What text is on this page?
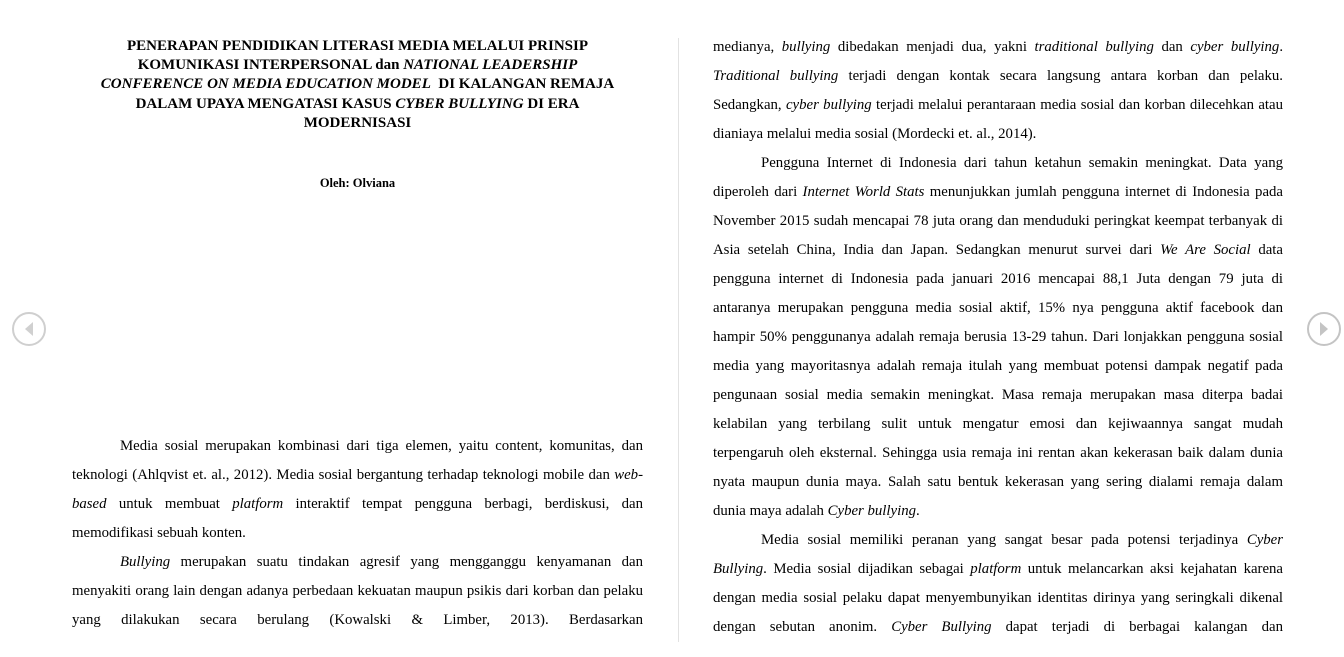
PENERAPAN PENDIDIKAN LITERASI MEDIA MELALUI PRINSIP
KOMUNIKASI INTERPERSONAL dan NATIONAL LEADERSHIP
CONFERENCE ON MEDIA EDUCATION MODEL  DI KALANGAN REMAJA
DALAM UPAYA MENGATASI KASUS CYBER BULLYING DI ERA
MODERNISASI
Oleh: Olviana

Media sosial merupakan kombinasi dari tiga elemen, yaitu content, komunitas, dan teknologi (Ahlqvist et. al., 2012). Media sosial bergantung terhadap teknologi mobile dan web-based untuk membuat platform interaktif tempat pengguna berbagi, berdiskusi, dan memodifikasi sebuah konten.

Bullying merupakan suatu tindakan agresif yang mengganggu kenyamanan dan menyakiti orang lain dengan adanya perbedaan kekuatan maupun psikis dari korban dan pelaku yang dilakukan secara berulang (Kowalski & Limber, 2013). Berdasarkan

medianya, bullying dibedakan menjadi dua, yakni traditional bullying dan cyber bullying. Traditional bullying terjadi dengan kontak secara langsung antara korban dan pelaku. Sedangkan, cyber bullying terjadi melalui perantaraan media sosial dan korban dilecehkan atau dianiaya melalui media sosial (Mordecki et. al., 2014).

Pengguna Internet di Indonesia dari tahun ketahun semakin meningkat. Data yang diperoleh dari Internet World Stats menunjukkan jumlah pengguna internet di Indonesia pada November 2015 sudah mencapai 78 juta orang dan menduduki peringkat keempat terbanyak di Asia setelah China, India dan Japan. Sedangkan menurut survei dari We Are Social data pengguna internet di Indonesia pada januari 2016 mencapai 88,1 Juta dengan 79 juta di antaranya merupakan pengguna media sosial aktif, 15% nya pengguna aktif facebook dan hampir 50% penggunanya adalah remaja berusia 13-29 tahun. Dari lonjakkan pengguna sosial media yang mayoritasnya adalah remaja itulah yang membuat potensi dampak negatif pada pengunaan sosial media semakin meningkat. Masa remaja merupakan masa diterpa badai kelabilan yang terbilang sulit untuk mengatur emosi dan kejiwaannya sangat mudah terpengaruh oleh eksternal. Sehingga usia remaja ini rentan akan kekerasan baik dalam dunia nyata maupun dunia maya. Salah satu bentuk kekerasan yang sering dialami remaja dalam dunia maya adalah Cyber bullying.

Media sosial memiliki peranan yang sangat besar pada potensi terjadinya Cyber Bullying. Media sosial dijadikan sebagai platform untuk melancarkan aksi kejahatan karena dengan media sosial pelaku dapat menyembunyikan identitas dirinya yang seringkali dikenal dengan sebutan anonim. Cyber Bullying dapat terjadi di berbagai kalangan dan
